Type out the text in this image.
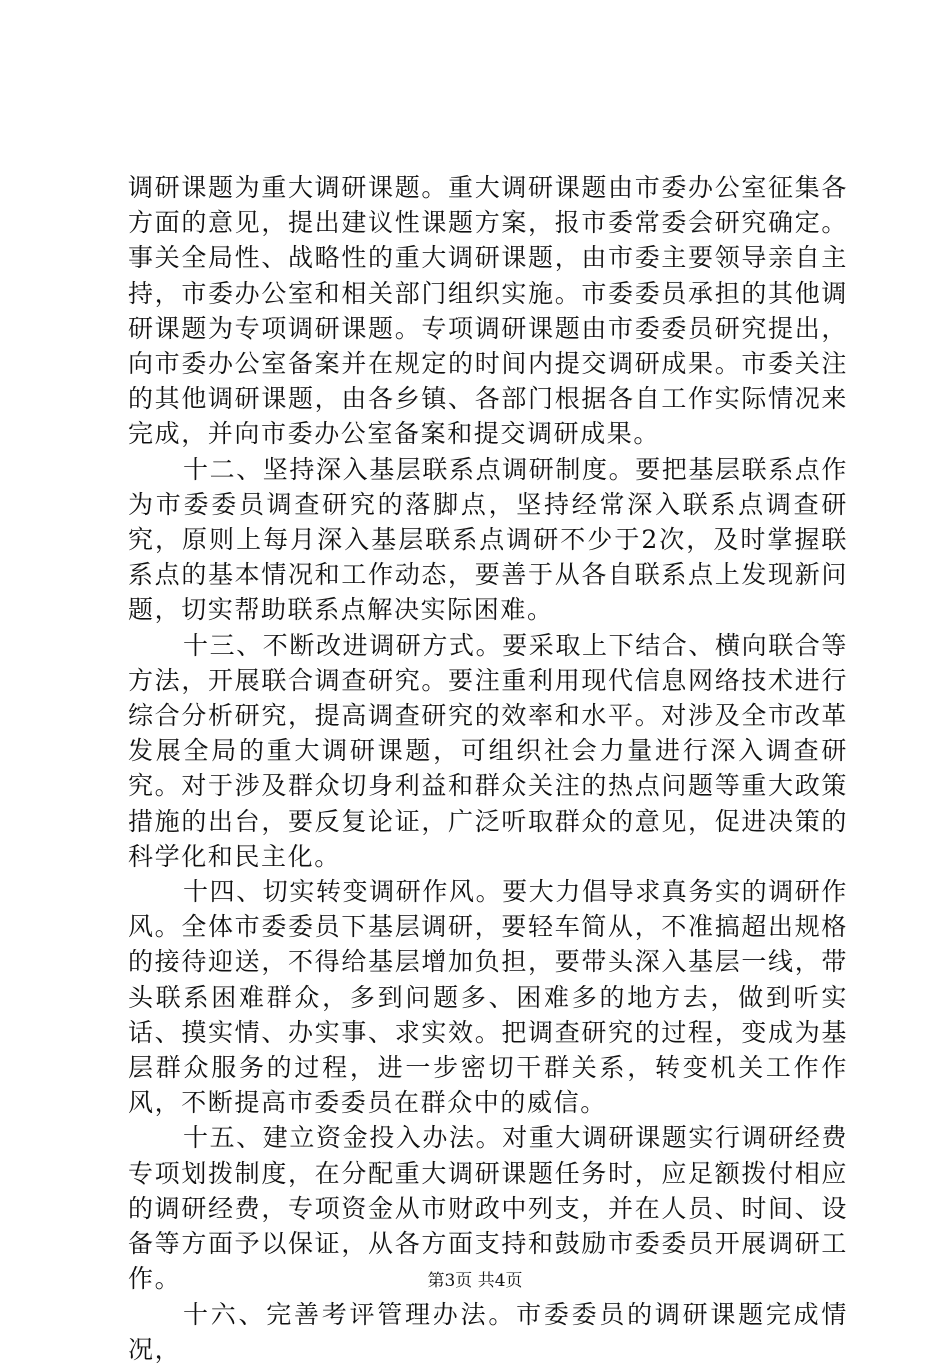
调研课题为重大调研课题。重大调研课题由市委办公室征集各方面的意见，提出建议性课题方案，报市委常委会研究确定。事关全局性、战略性的重大调研课题，由市委主要领导亲自主持，市委办公室和相关部门组织实施。市委委员承担的其他调研课题为专项调研课题。专项调研课题由市委委员研究提出，向市委办公室备案并在规定的时间内提交调研成果。市委关注的其他调研课题，由各乡镇、各部门根据各自工作实际情况来完成，并向市委办公室备案和提交调研成果。

十二、坚持深入基层联系点调研制度。要把基层联系点作为市委委员调查研究的落脚点，坚持经常深入联系点调查研究，原则上每月深入基层联系点调研不少于2次，及时掌握联系点的基本情况和工作动态，要善于从各自联系点上发现新问题，切实帮助联系点解决实际困难。

十三、不断改进调研方式。要采取上下结合、横向联合等方法，开展联合调查研究。要注重利用现代信息网络技术进行综合分析研究，提高调查研究的效率和水平。对涉及全市改革发展全局的重大调研课题，可组织社会力量进行深入调查研究。对于涉及群众切身利益和群众关注的热点问题等重大政策措施的出台，要反复论证，广泛听取群众的意见，促进决策的科学化和民主化。

十四、切实转变调研作风。要大力倡导求真务实的调研作风。全体市委委员下基层调研，要轻车简从，不准搞超出规格的接待迎送，不得给基层增加负担，要带头深入基层一线，带头联系困难群众，多到问题多、困难多的地方去，做到听实话、摸实情、办实事、求实效。把调查研究的过程，变成为基层群众服务的过程，进一步密切干群关系，转变机关工作作风，不断提高市委委员在群众中的威信。

十五、建立资金投入办法。对重大调研课题实行调研经费专项划拨制度，在分配重大调研课题任务时，应足额拨付相应的调研经费，专项资金从市财政中列支，并在人员、时间、设备等方面予以保证，从各方面支持和鼓励市委委员开展调研工作。

十六、完善考评管理办法。市委委员的调研课题完成情况，

第3页 共4页
